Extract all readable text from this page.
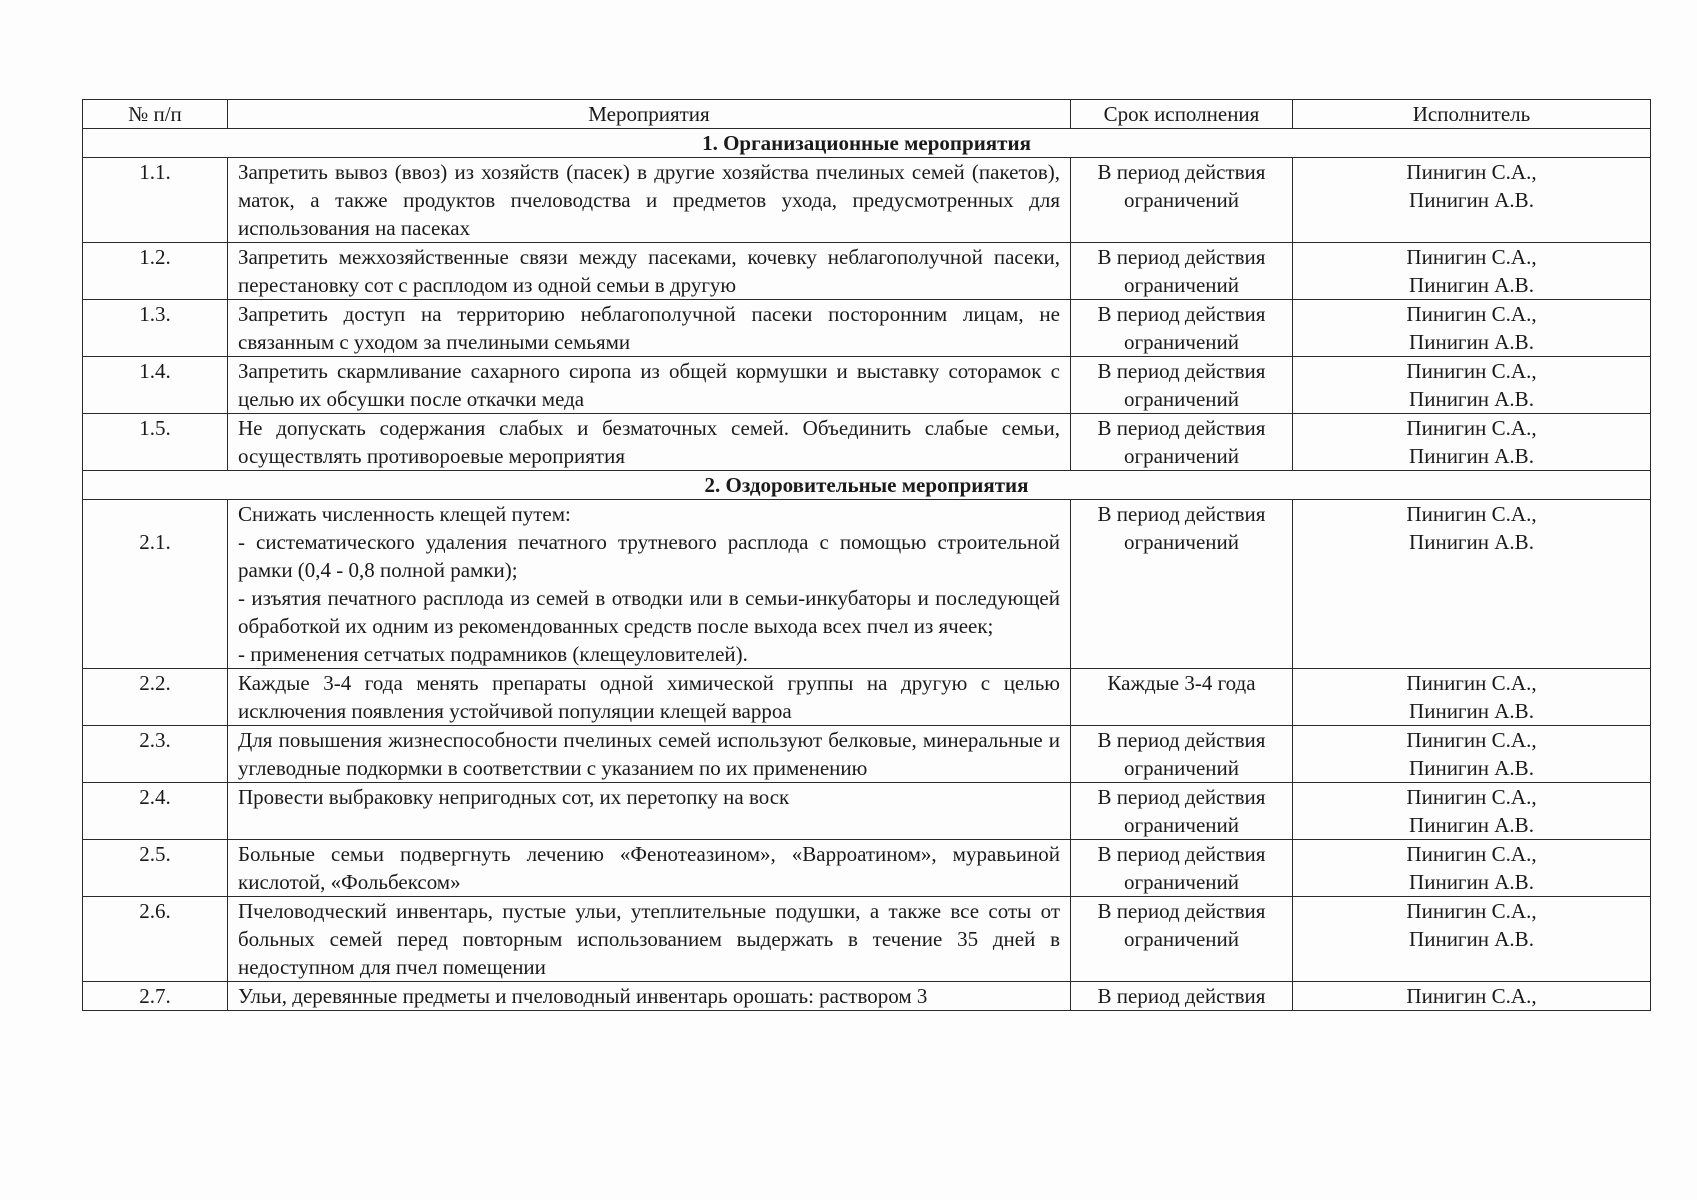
№ п/п	Мероприятия	Срок исполнения	Исполнитель
1. Организационные мероприятия			
1.1.	Запретить вывоз (ввоз) из хозяйств (пасек) в другие хозяйства пчелиных семей (пакетов), маток, а также продуктов пчеловодства и предметов ухода, предусмотренных для использования на пасеках	В период действия ограничений	Пинигин С.А.,
Пинигин А.В.

1.2.	Запретить межхозяйственные связи между пасеками, кочевку неблагополучной пасеки, перестановку сот с расплодом из одной семьи в другую	В период действия ограничений	Пинигин С.А.,
Пинигин А.В.

1.3.	Запретить доступ на территорию неблагополучной пасеки посторонним лицам, не связанным с уходом за пчелиными семьями	В период действия ограничений	Пинигин С.А.,
Пинигин А.В.

1.4.	Запретить скармливание сахарного сиропа из общей кормушки и выставку сотopамок с целью их обсушки после откачки меда	В период действия ограничений	Пинигин С.А.,
Пинигин А.В.

1.5.	Не допускать содержания слабых и безматочных семей. Объединить слабые семьи, осуществлять противороевые мероприятия	В период действия ограничений	Пинигин С.А.,
Пинигин А.В.

2. Оздоровительные мероприятия			
2.1.	Снижать численность клещей путем:
- систематического удаления печатного трутневого расплода с помощью строительной рамки (0,4 - 0,8 полной рамки);
- изъятия печатного расплода из семей в отводки или в семьи-инкубаторы и последующей обработкой их одним из рекомендованных средств после выхода всех пчел из ячеек;
- применения сетчатых подрамников (клещеуловителей).	В период действия ограничений	Пинигин С.А.,
Пинигин А.В.

2.2.	Каждые 3-4 года менять препараты одной химической группы на другую с целью исключения появления устойчивой популяции клещей варроа	Каждые 3-4 года	Пинигин С.А.,
Пинигин А.В.

2.3.	Для повышения жизнеспособности пчелиных семей используют белковые, минеральные и углеводные подкормки в соответствии с указанием по их применению	В период действия ограничений	Пинигин С.А.,
Пинигин А.В.

2.4.	Провести выбраковку непригодных сот, их перетопку на воск	В период действия ограничений	Пинигин С.А.,
Пинигин А.В.

2.5.	Больные семьи подвергнуть лечению «Фенотеазином», «Варроатином», муравьиной кислотой, «Фольбексом»	В период действия ограничений	Пинигин С.А.,
Пинигин А.В.

2.6.	Пчеловодческий инвентарь, пустые ульи, утеплительные подушки, а также все соты от больных семей перед повторным использованием выдержать в течение 35 дней в недоступном для пчел помещении	В период действия ограничений	Пинигин С.А.,
Пинигин А.В.

2.7.	Ульи, деревянные предметы и пчеловодный инвентарь орошать: раствором 3	В период действия	Пинигин С.А.,
